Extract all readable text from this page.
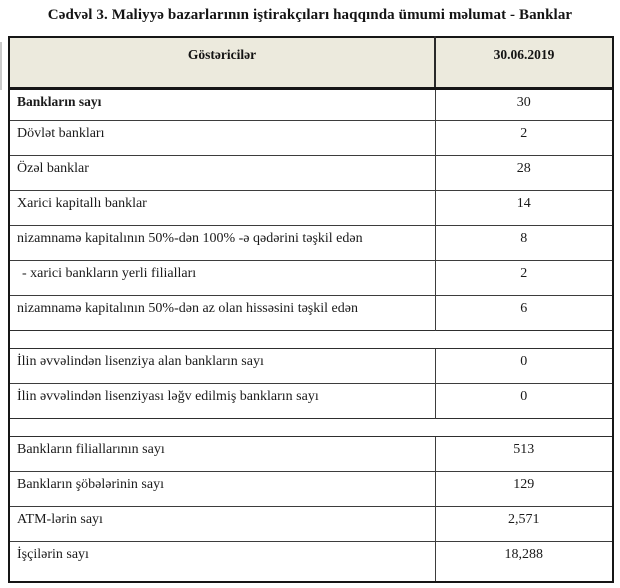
Cədvəl 3. Maliyyə bazarlarının iştirakçıları haqqında ümumi məlumat - Banklar
Göstəricilər	30.06.2019
Bankların sayı	30
Dövlət bankları	2
Özəl banklar	28
Xarici kapitallı banklar	14
nizamnamə kapitalının 50%-dən 100% -ə qədərini təşkil edən	8
- xarici bankların yerli filialları	2
nizamnamə kapitalının 50%-dən az olan hissəsini təşkil edən	6

İlin əvvəlindən lisenziya alan bankların sayı	0
İlin əvvəlindən lisenziyası ləğv edilmiş bankların sayı	0

Bankların filiallarının sayı	513
Bankların şöbələrinin sayı	129
ATM-lərin sayı	2,571
İşçilərin sayı	18,288
